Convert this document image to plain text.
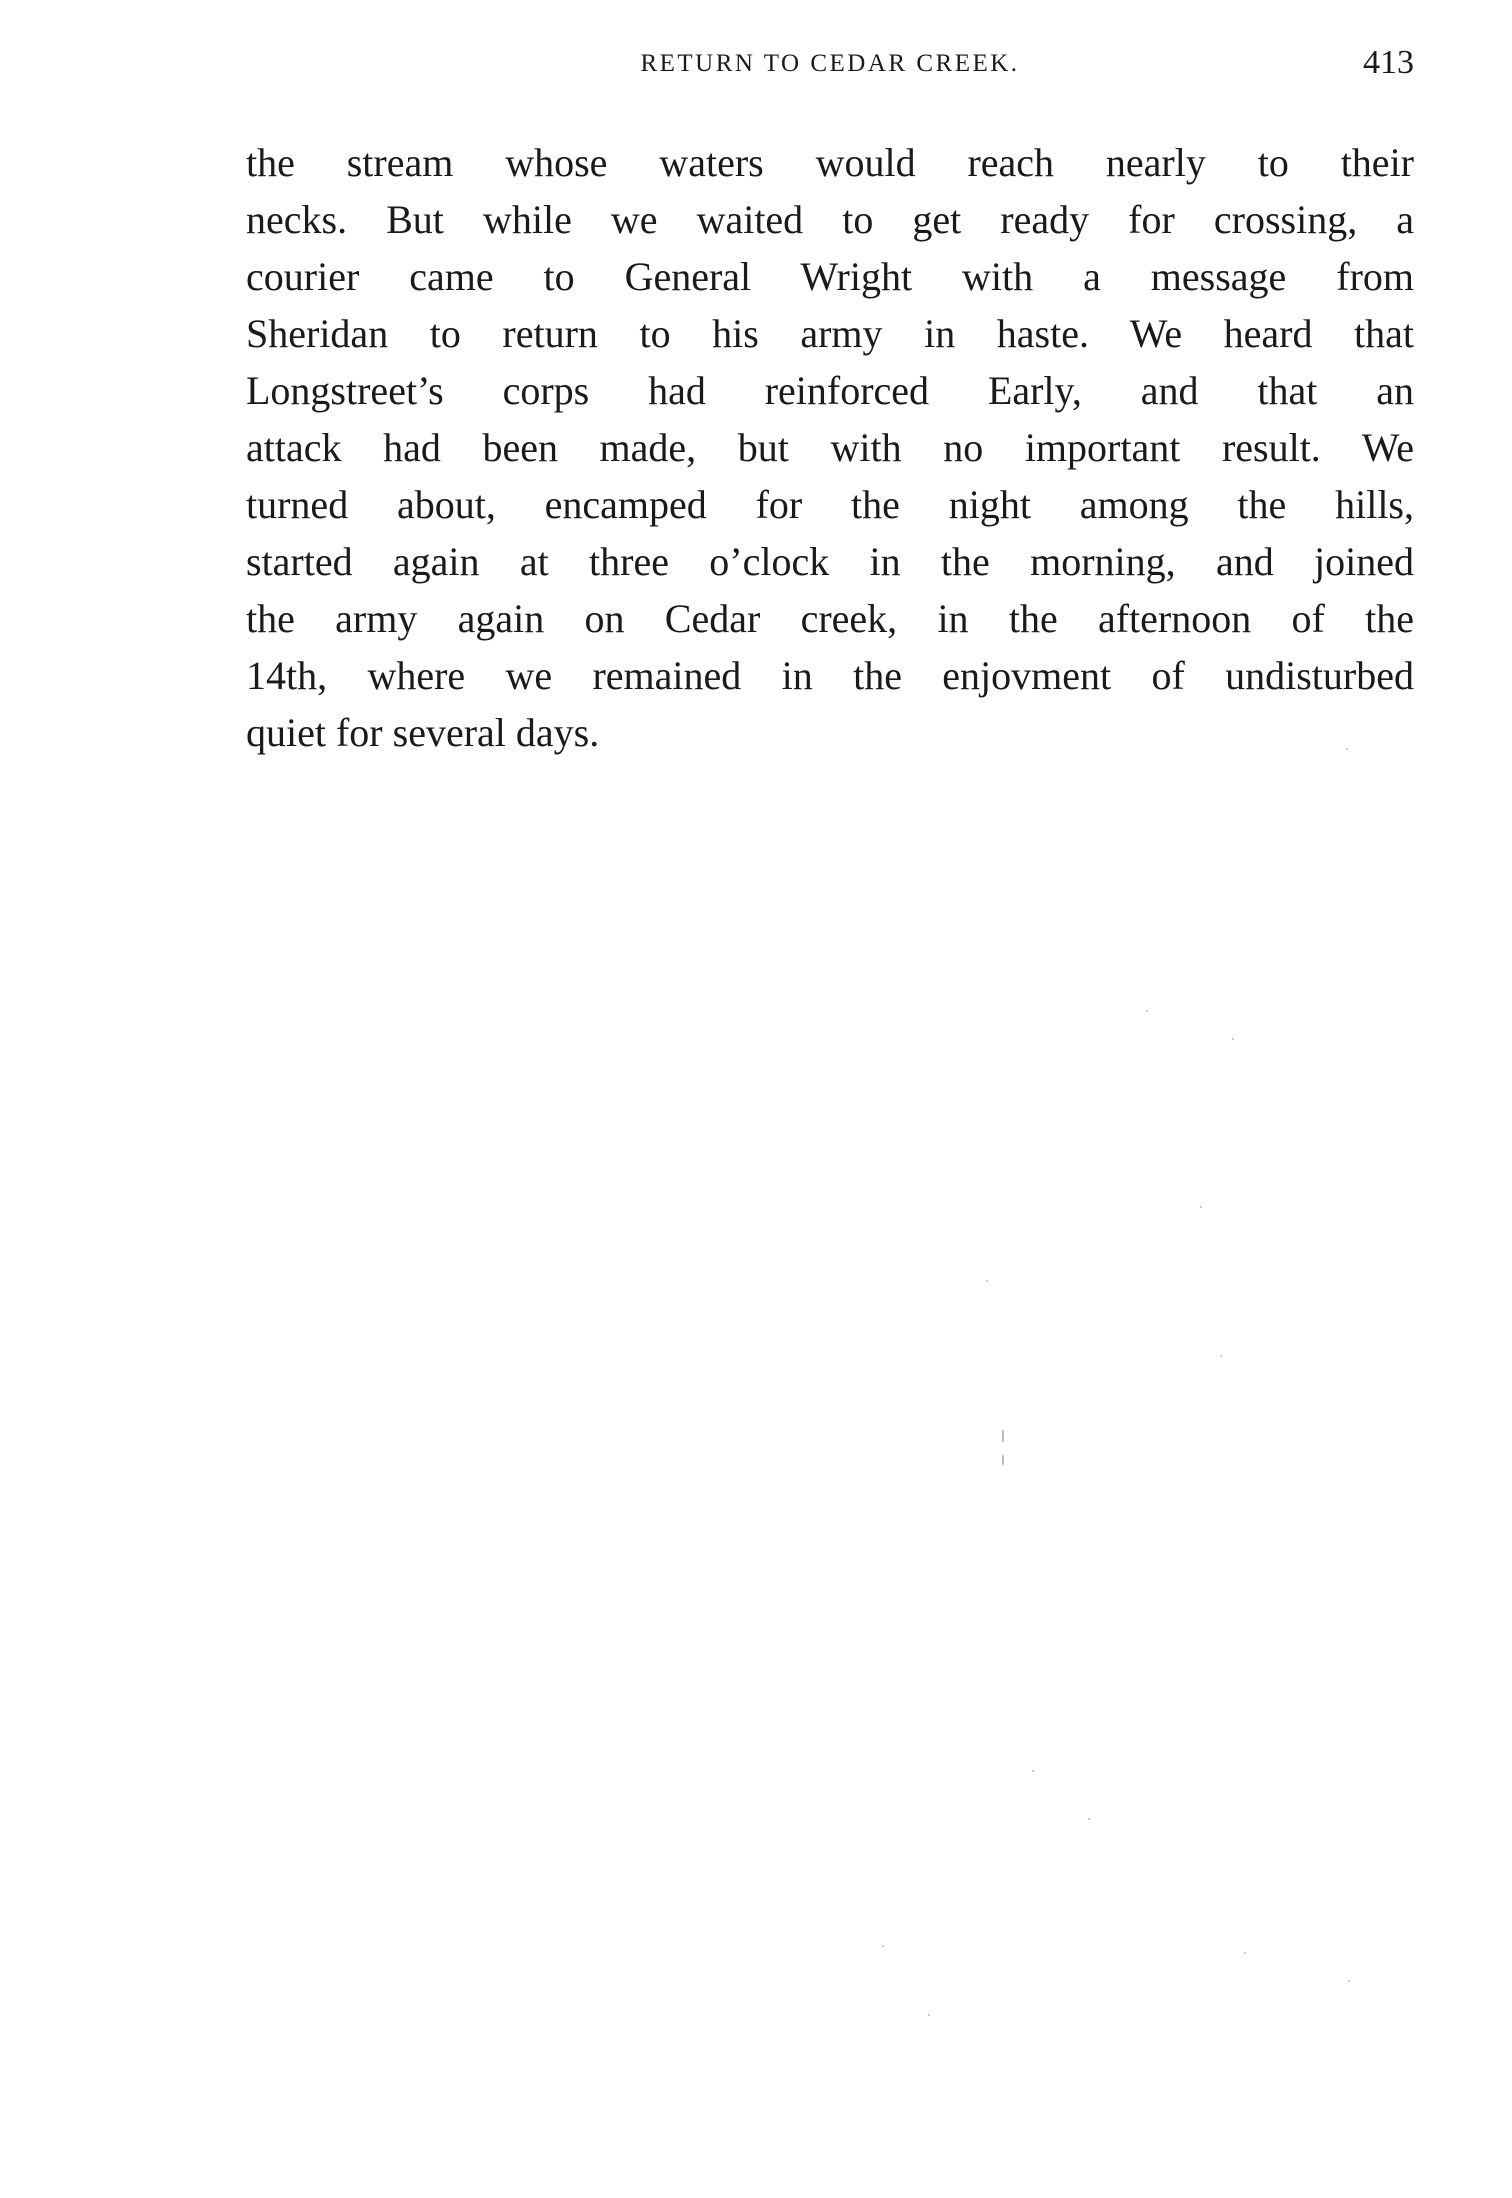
RETURN TO CEDAR CREEK.	413
the stream whose waters would reach nearly to their
necks. But while we waited to get ready for crossing, a
courier came to General Wright with a message from
Sheridan to return to his army in haste. We heard that
Longstreet’s corps had reinforced Early, and that an
attack had been made, but with no important result. We
turned about, encamped for the night among the hills,
started again at three o’clock in the morning, and joined
the army again on Cedar creek, in the afternoon of the
14th, where we remained in the enjovment of undisturbed
quiet for several days.
